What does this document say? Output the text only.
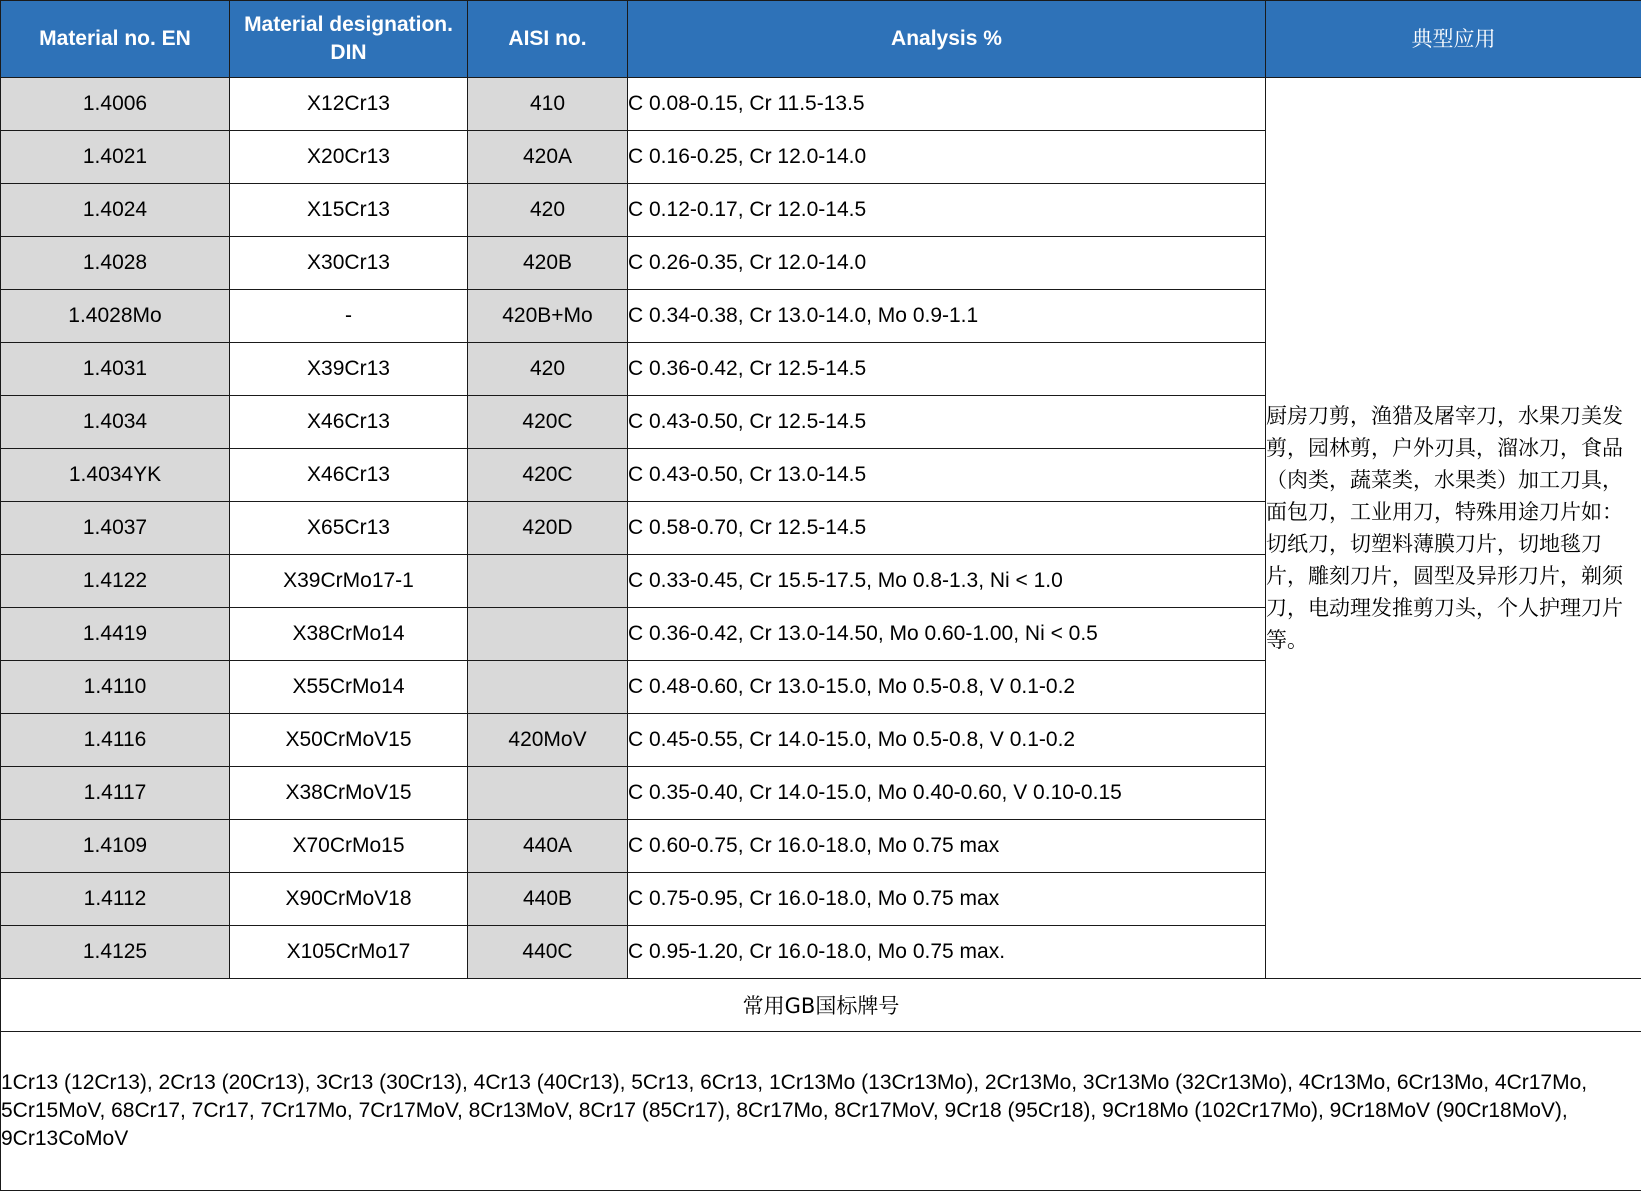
Material no. EN	Material designation. DIN	AISI no.	Analysis %	典型应用
1.4006	X12Cr13	410	C 0.08-0.15, Cr 11.5-13.5	厨房刀剪，渔猎及屠宰刀，水果刀美发剪，园林剪，户外刃具，溜冰刀，食品（肉类，蔬菜类，水果类）加工刀具，面包刀，工业用刀，特殊用途刀片如：切纸刀，切塑料薄膜刀片，切地毯刀片，雕刻刀片，圆型及异形刀片，剃须刀，电动理发推剪刀头，个人护理刀片等。
1.4021	X20Cr13	420A	C 0.16-0.25, Cr 12.0-14.0	
1.4024	X15Cr13	420	C 0.12-0.17, Cr 12.0-14.5	
1.4028	X30Cr13	420B	C 0.26-0.35, Cr 12.0-14.0	
1.4028Mo	-	420B+Mo	C 0.34-0.38, Cr 13.0-14.0, Mo 0.9-1.1	
1.4031	X39Cr13	420	C 0.36-0.42, Cr 12.5-14.5	
1.4034	X46Cr13	420C	C 0.43-0.50, Cr 12.5-14.5	
1.4034YK	X46Cr13	420C	C 0.43-0.50, Cr 13.0-14.5	
1.4037	X65Cr13	420D	C 0.58-0.70, Cr 12.5-14.5	
1.4122	X39CrMo17-1		C 0.33-0.45, Cr 15.5-17.5, Mo 0.8-1.3, Ni < 1.0	
1.4419	X38CrMo14		C 0.36-0.42, Cr 13.0-14.50, Mo 0.60-1.00, Ni < 0.5	
1.4110	X55CrMo14		C 0.48-0.60, Cr 13.0-15.0, Mo 0.5-0.8, V 0.1-0.2	
1.4116	X50CrMoV15	420MoV	C 0.45-0.55, Cr 14.0-15.0, Mo 0.5-0.8, V 0.1-0.2	
1.4117	X38CrMoV15		C 0.35-0.40, Cr 14.0-15.0, Mo 0.40-0.60, V 0.10-0.15	
1.4109	X70CrMo15	440A	C 0.60-0.75, Cr 16.0-18.0, Mo 0.75 max	
1.4112	X90CrMoV18	440B	C 0.75-0.95, Cr 16.0-18.0, Mo 0.75 max	
1.4125	X105CrMo17	440C	C 0.95-1.20, Cr 16.0-18.0, Mo 0.75 max.	
常用GB国标牌号				
1Cr13 (12Cr13), 2Cr13 (20Cr13), 3Cr13 (30Cr13), 4Cr13 (40Cr13), 5Cr13, 6Cr13, 1Cr13Mo (13Cr13Mo), 2Cr13Mo, 3Cr13Mo (32Cr13Mo), 4Cr13Mo, 6Cr13Mo, 4Cr17Mo, 5Cr15MoV, 68Cr17, 7Cr17, 7Cr17Mo, 7Cr17MoV, 8Cr13MoV, 8Cr17 (85Cr17), 8Cr17Mo, 8Cr17MoV, 9Cr18 (95Cr18), 9Cr18Mo (102Cr17Mo), 9Cr18MoV (90Cr18MoV), 9Cr13CoMoV				
